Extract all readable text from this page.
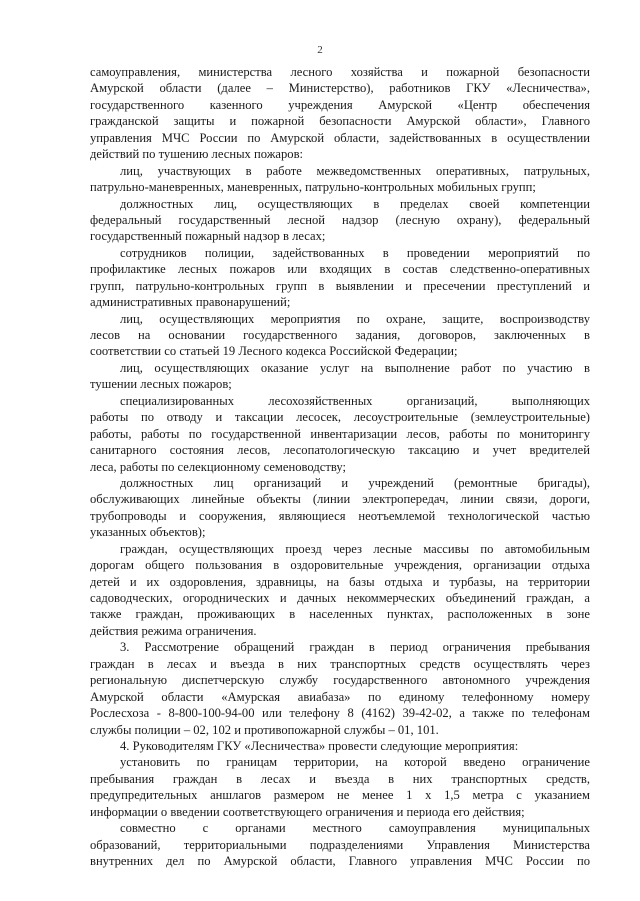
2
самоуправления, министерства лесного хозяйства и пожарной безопасности
Амурской области (далее – Министерство), работников ГКУ «Лесничества»,
государственного казенного учреждения Амурской «Центр обеспечения
гражданской защиты и пожарной безопасности Амурской области», Главного
управления МЧС России по Амурской области, задействованных в осуществлении
действий по тушению лесных пожаров:
лиц, участвующих в работе межведомственных оперативных, патрульных,
патрульно-маневренных, маневренных, патрульно-контрольных мобильных групп;
должностных лиц, осуществляющих в пределах своей компетенции
федеральный государственный лесной надзор (лесную охрану), федеральный
государственный пожарный надзор в лесах;
сотрудников полиции, задействованных в проведении мероприятий по
профилактике лесных пожаров или входящих в состав следственно-оперативных
групп, патрульно-контрольных групп в выявлении и пресечении преступлений и
административных правонарушений;
лиц, осуществляющих мероприятия по охране, защите, воспроизводству
лесов на основании государственного задания, договоров, заключенных в
соответствии со статьей 19 Лесного кодекса Российской Федерации;
лиц, осуществляющих оказание услуг на выполнение работ по участию в
тушении лесных пожаров;
специализированных лесохозяйственных организаций, выполняющих
работы по отводу и таксации лесосек, лесоустроительные (землеустроительные)
работы, работы по государственной инвентаризации лесов, работы по мониторингу
санитарного состояния лесов, лесопатологическую таксацию и учет вредителей
леса, работы по селекционному семеноводству;
должностных лиц организаций и учреждений (ремонтные бригады),
обслуживающих линейные объекты (линии электропередач, линии связи, дороги,
трубопроводы и сооружения, являющиеся неотъемлемой технологической частью
указанных объектов);
граждан, осуществляющих проезд через лесные массивы по автомобильным
дорогам общего пользования в оздоровительные учреждения, организации отдыха
детей и их оздоровления, здравницы, на базы отдыха и турбазы, на территории
садоводческих, огороднических и дачных некоммерческих объединений граждан, а
также граждан, проживающих в населенных пунктах, расположенных в зоне
действия режима ограничения.
3. Рассмотрение обращений граждан в период ограничения пребывания
граждан в лесах и въезда в них транспортных средств осуществлять через
региональную диспетчерскую службу государственного автономного учреждения
Амурской области «Амурская авиабаза» по единому телефонному номеру
Рослесхоза - 8-800-100-94-00 или телефону 8 (4162) 39-42-02, а также по телефонам
службы полиции – 02, 102 и противопожарной службы – 01, 101.
4. Руководителям ГКУ «Лесничества» провести следующие мероприятия:
установить по границам территории, на которой введено ограничение
пребывания граждан в лесах и въезда в них транспортных средств,
предупредительных аншлагов размером не менее 1 х 1,5 метра с указанием
информации о введении соответствующего ограничения и периода его действия;
совместно с органами местного самоуправления муниципальных
образований, территориальными подразделениями Управления Министерства
внутренних дел по Амурской области, Главного управления МЧС России по
